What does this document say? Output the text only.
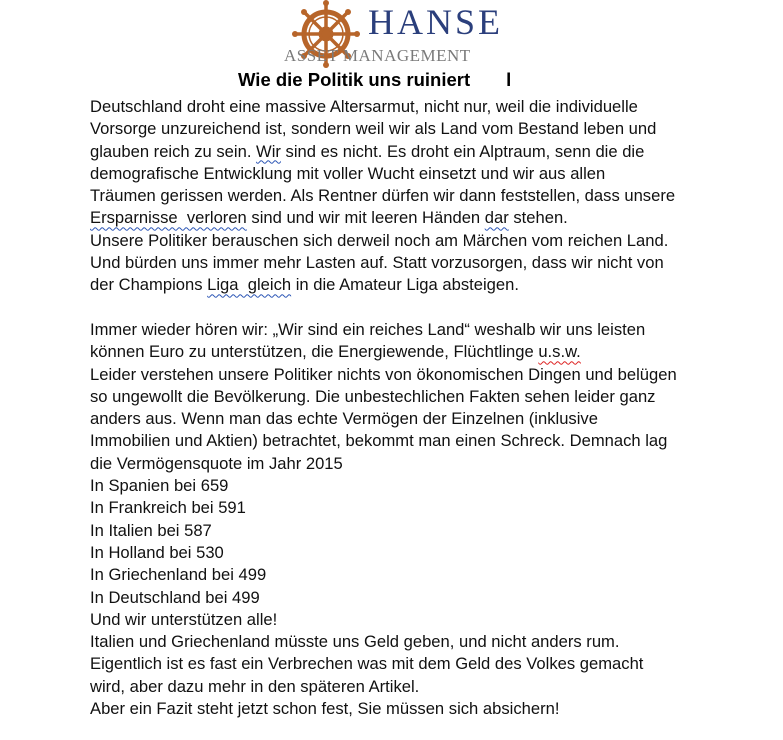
HANSE
ASSET MANAGEMENT
Wie die Politik uns ruiniert       l
Deutschland droht eine massive Altersarmut, nicht nur, weil die individuelle
Vorsorge unzureichend ist, sondern weil wir als Land vom Bestand leben und
glauben reich zu sein. Wir sind es nicht. Es droht ein Alptraum, senn die die
demografische Entwicklung mit voller Wucht einsetzt und wir aus allen
Träumen gerissen werden. Als Rentner dürfen wir dann feststellen, dass unsere
Ersparnisse  verloren sind und wir mit leeren Händen dar stehen.
Unsere Politiker berauschen sich derweil noch am Märchen vom reichen Land.
Und bürden uns immer mehr Lasten auf. Statt vorzusorgen, dass wir nicht von
der Champions Liga  gleich in die Amateur Liga absteigen.
Immer wieder hören wir: „Wir sind ein reiches Land“ weshalb wir uns leisten
können Euro zu unterstützen, die Energiewende, Flüchtlinge u.s.w.
Leider verstehen unsere Politiker nichts von ökonomischen Dingen und belügen
so ungewollt die Bevölkerung. Die unbestechlichen Fakten sehen leider ganz
anders aus. Wenn man das echte Vermögen der Einzelnen (inklusive
Immobilien und Aktien) betrachtet, bekommt man einen Schreck. Demnach lag
die Vermögensquote im Jahr 2015
In Spanien bei 659
In Frankreich bei 591
In Italien bei 587
In Holland bei 530
In Griechenland bei 499
In Deutschland bei 499
Und wir unterstützen alle!
Italien und Griechenland müsste uns Geld geben, und nicht anders rum.
Eigentlich ist es fast ein Verbrechen was mit dem Geld des Volkes gemacht
wird, aber dazu mehr in den späteren Artikel.
Aber ein Fazit steht jetzt schon fest, Sie müssen sich absichern!
